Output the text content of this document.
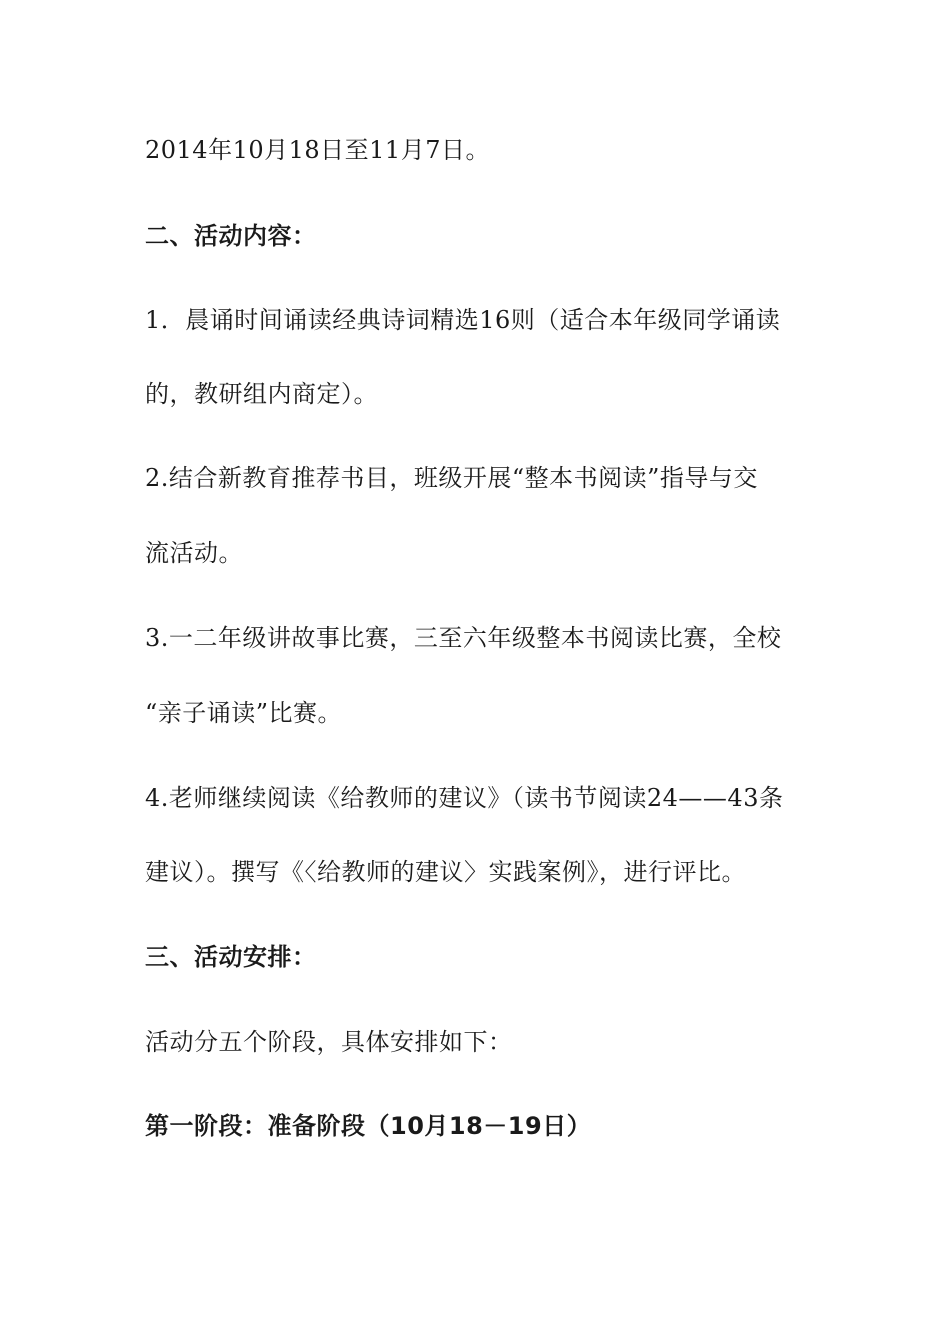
2014年10月18日至11月7日。
二、活动内容：
1．晨诵时间诵读经典诗词精选16则（适合本年级同学诵读
的，教研组内商定）。
2.结合新教育推荐书目，班级开展“整本书阅读”指导与交
流活动。
3.一二年级讲故事比赛，三至六年级整本书阅读比赛，全校
“亲子诵读”比赛。
4.老师继续阅读《给教师的建议》（读书节阅读24——43条
建议）。撰写《〈给教师的建议〉实践案例》，进行评比。
三、活动安排：
活动分五个阶段，具体安排如下：
第一阶段：准备阶段（10月18－19日）
